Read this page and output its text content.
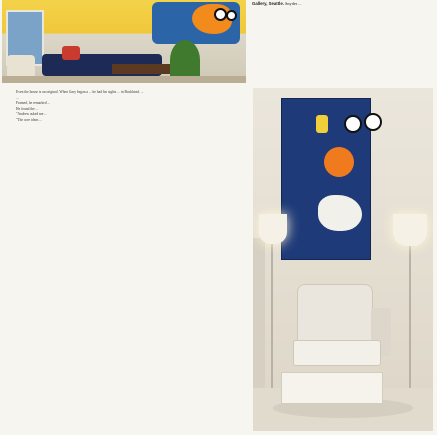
Gallery, Seattle. Snyder ...

Even the house is an original. When Gary began a ... he had his sights ... in Buckhead. ...

...

Framed, he remarked ...

He found the ...

"Andrew asked me ...

"The core ideas ...
